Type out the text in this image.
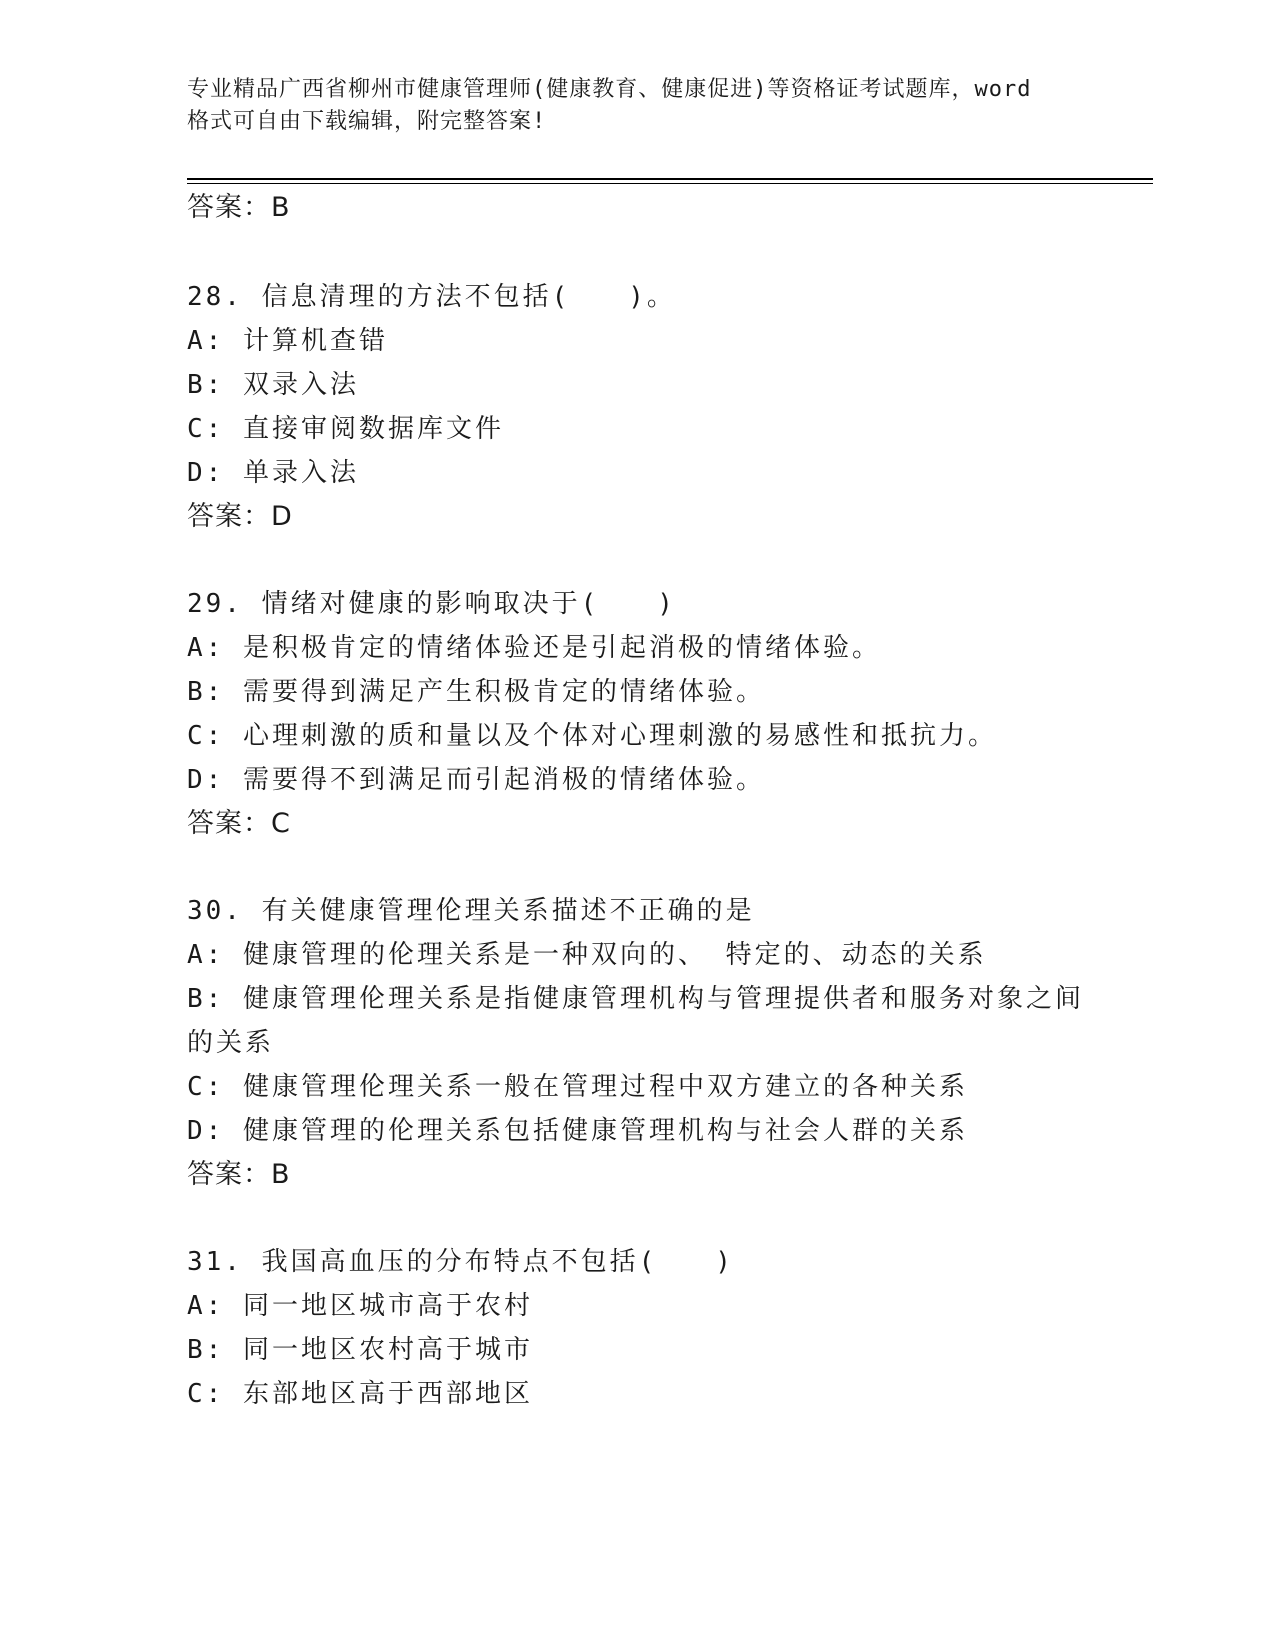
专业精品广西省柳州市健康管理师(健康教育、健康促进)等资格证考试题库，word
格式可自由下载编辑，附完整答案!
答案：B
28. 信息清理的方法不包括(　　)。
A: 计算机查错
B: 双录入法
C: 直接审阅数据库文件
D: 单录入法
答案：D
29. 情绪对健康的影响取决于(　　)
A: 是积极肯定的情绪体验还是引起消极的情绪体验。
B: 需要得到满足产生积极肯定的情绪体验。
C: 心理刺激的质和量以及个体对心理刺激的易感性和抵抗力。
D: 需要得不到满足而引起消极的情绪体验。
答案：C
30. 有关健康管理伦理关系描述不正确的是
A: 健康管理的伦理关系是一种双向的、 特定的、动态的关系
B: 健康管理伦理关系是指健康管理机构与管理提供者和服务对象之间
的关系
C: 健康管理伦理关系一般在管理过程中双方建立的各种关系
D: 健康管理的伦理关系包括健康管理机构与社会人群的关系
答案：B
31. 我国高血压的分布特点不包括(　　)
A: 同一地区城市高于农村
B: 同一地区农村高于城市
C: 东部地区高于西部地区
